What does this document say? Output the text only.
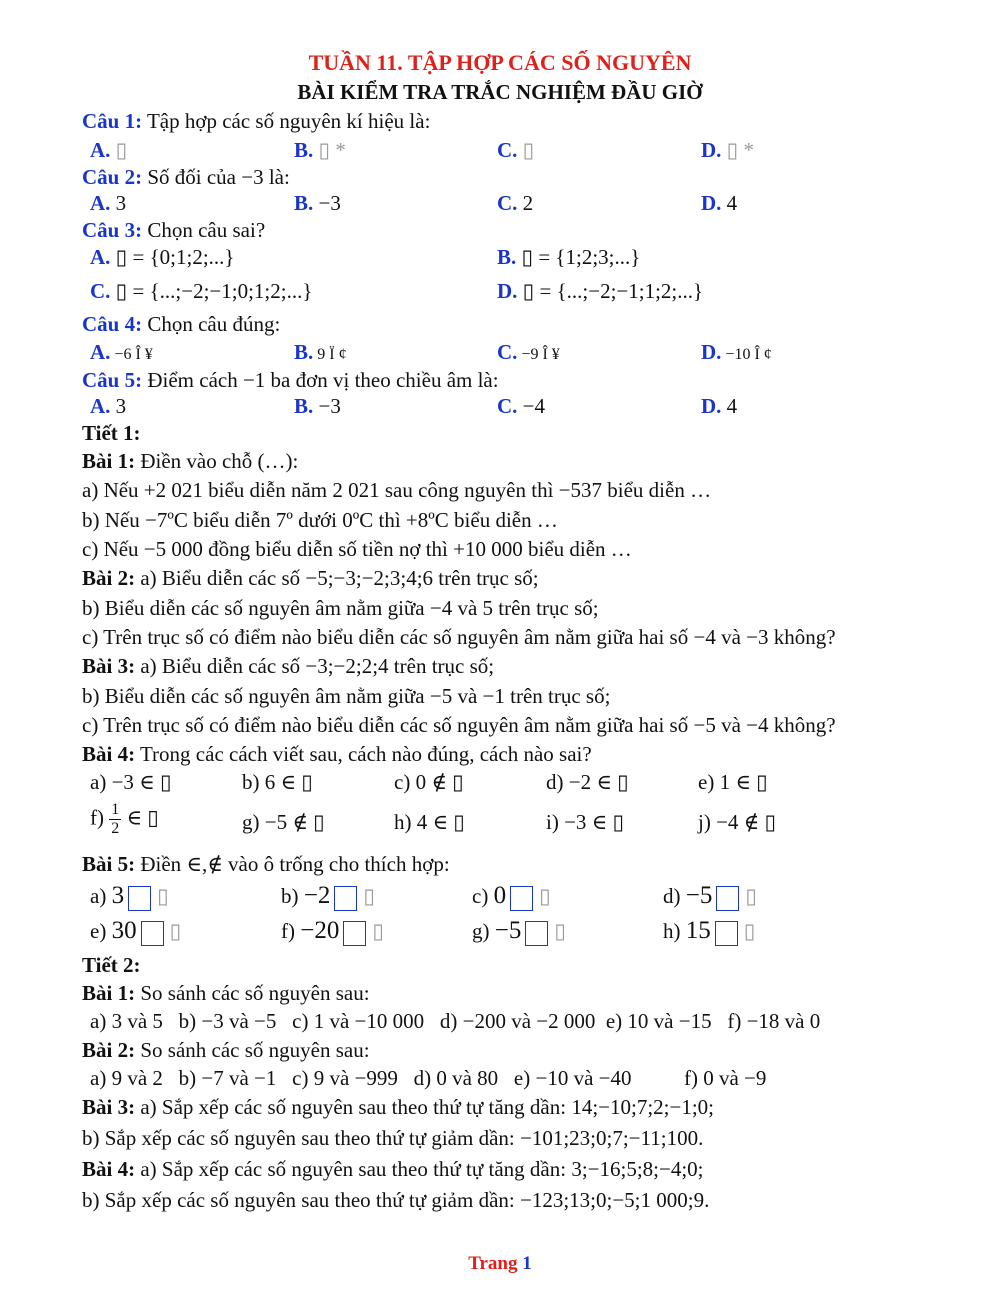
TUẦN 11. TẬP HỢP CÁC SỐ NGUYÊN
BÀI KIỂM TRA TRẮC NGHIỆM ĐẦU GIỜ
Câu 1: Tập hợp các số nguyên kí hiệu là:
A. ▯	B. ▯ *	C. ▯	D. ▯ *
Câu 2: Số đối của −3 là:
A. 3	B. −3	C. 2	D. 4
Câu 3: Chọn câu sai?
A. ▯ = {0;1;2;...}	B. ▯ = {1;2;3;...}
C. ▯ = {...;−2;−1;0;1;2;...}	D. ▯ = {...;−2;−1;1;2;...}
Câu 4: Chọn câu đúng:
A. −6 Î ¥	B. 9 Ï ¢	C. −9 Î ¥	D. −10 Î ¢
Câu 5: Điểm cách −1 ba đơn vị theo chiều âm là:
A. 3	B. −3	C. −4	D. 4
Tiết 1:
Bài 1: Điền vào chỗ (…):
a) Nếu +2 021 biểu diễn năm 2 021 sau công nguyên thì −537 biểu diễn …
b) Nếu −7ºC biểu diễn 7º dưới 0ºC thì +8ºC biểu diễn …
c) Nếu −5 000 đồng biểu diễn số tiền nợ thì +10 000 biểu diễn …
Bài 2: a) Biểu diễn các số −5;−3;−2;3;4;6 trên trục số;
b) Biểu diễn các số nguyên âm nằm giữa −4 và 5 trên trục số;
c) Trên trục số có điểm nào biểu diễn các số nguyên âm nằm giữa hai số −4 và −3 không?
Bài 3: a) Biểu diễn các số −3;−2;2;4 trên trục số;
b) Biểu diễn các số nguyên âm nằm giữa −5 và −1 trên trục số;
c) Trên trục số có điểm nào biểu diễn các số nguyên âm nằm giữa hai số −5 và −4 không?
Bài 4: Trong các cách viết sau, cách nào đúng, cách nào sai?
a) −3 ∈ ▯	b) 6 ∈ ▯	c) 0 ∉ ▯	d) −2 ∈ ▯	e) 1 ∈ ▯
$f) \frac{1}{2}$ ∈ ▯	g) −5 ∉ ▯	h) 4 ∈ ▯	i) −3 ∈ ▯	j) −4 ∉ ▯
Bài 5: Điền ∈,∉ vào ô trống cho thích hợp:
a) 3 ▯	b) −2 ▯	c) 0 ▯	d) −5 ▯
e) 30 ▯	f) −20 ▯	g) −5 ▯	h) 15 ▯
Tiết 2:
Bài 1: So sánh các số nguyên sau:
a) 3 và 5   b) −3 và −5   c) 1 và −10 000   d) −200 và −2 000  e) 10 và −15   f) −18 và 0
Bài 2: So sánh các số nguyên sau:
a) 9 và 2   b) −7 và −1   c) 9 và −999   d) 0 và 80   e) −10 và −40          f) 0 và −9
Bài 3: a) Sắp xếp các số nguyên sau theo thứ tự tăng dần: 14;−10;7;2;−1;0;
b) Sắp xếp các số nguyên sau theo thứ tự giảm dần: −101;23;0;7;−11;100.
Bài 4: a) Sắp xếp các số nguyên sau theo thứ tự tăng dần: 3;−16;5;8;−4;0;
b) Sắp xếp các số nguyên sau theo thứ tự giảm dần: −123;13;0;−5;1 000;9.
Trang 1
